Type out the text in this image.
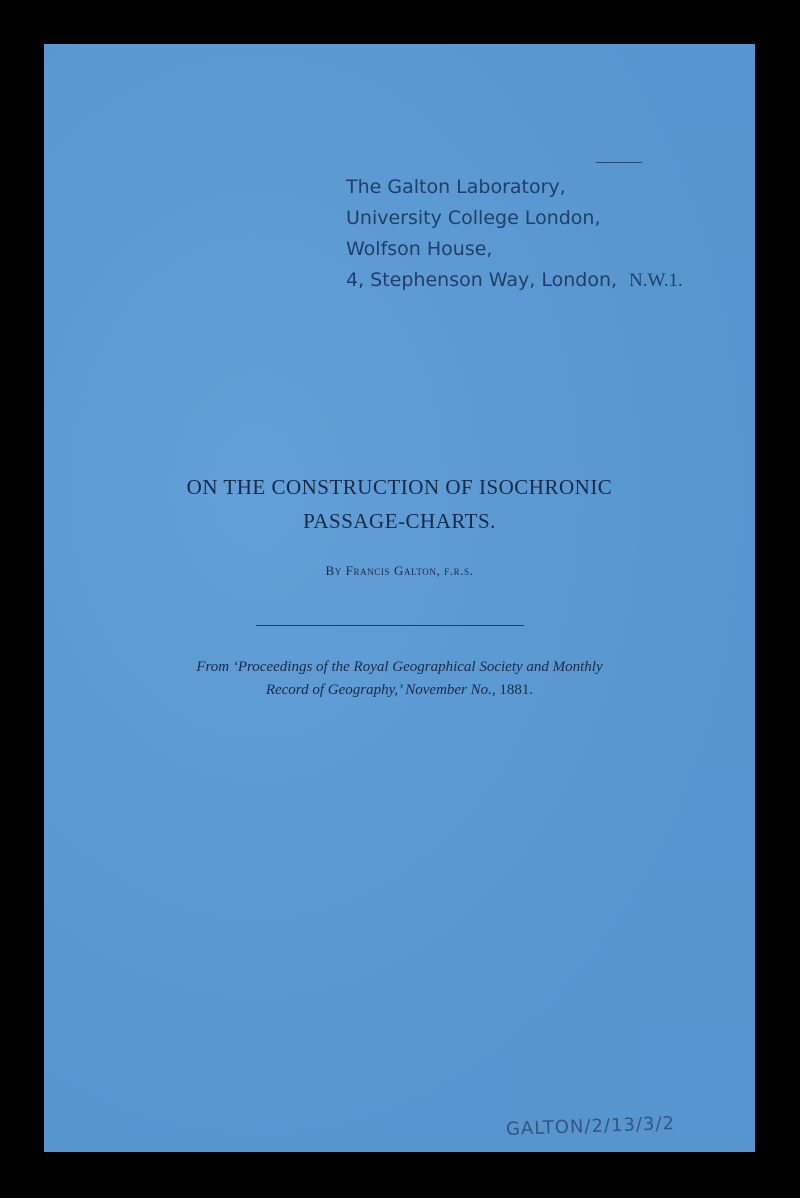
The Galton Laboratory,
University College London,
Wolfson House,
4, Stephenson Way, London, N.W.1.
ON THE CONSTRUCTION OF ISOCHRONIC
PASSAGE-CHARTS.
By Francis Galton, f.r.s.
From ‘Proceedings of the Royal Geographical Society and Monthly
Record of Geography,’ November No., 1881.
GALTON/2/13/3/2
